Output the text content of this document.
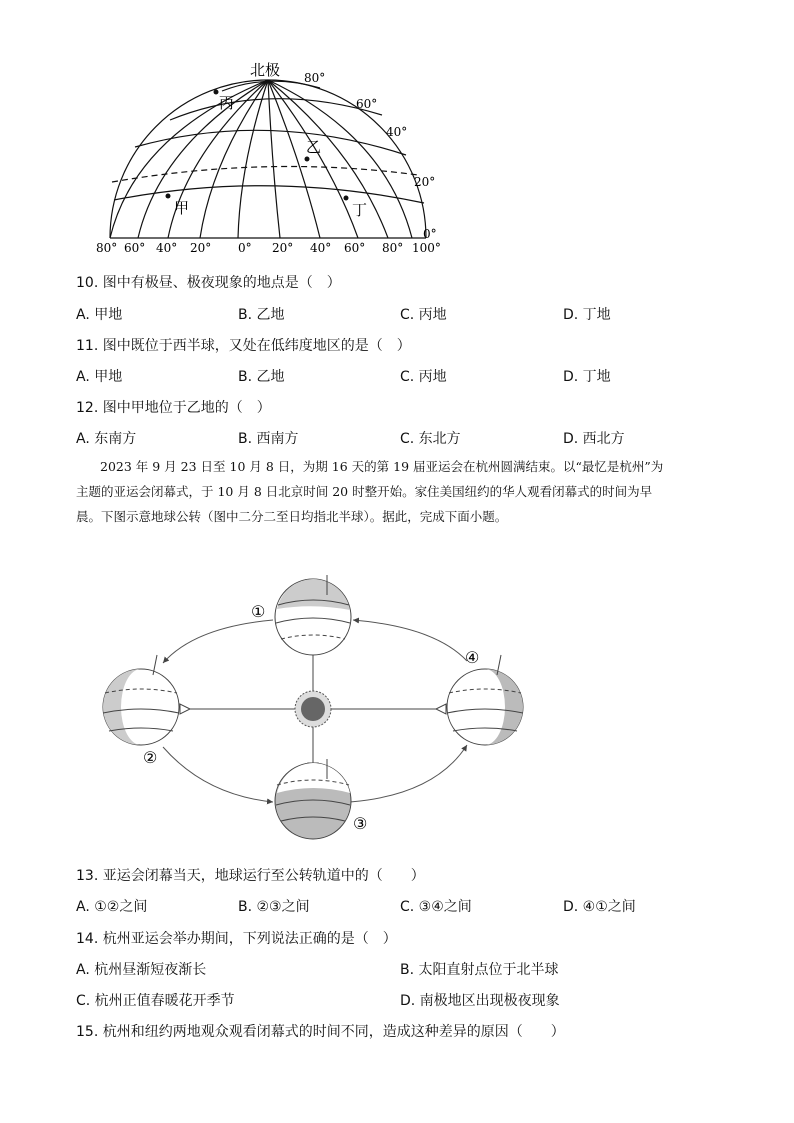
北极
丙
乙
甲	丁
80°
60°
40°
20°
0°
80° 60° 40° 20° 0° 20° 40° 60° 80° 100°
10. 图中有极昼、极夜现象的地点是（　）
A. 甲地	B. 乙地	C. 丙地	D. 丁地
11. 图中既位于西半球，又处在低纬度地区的是（　）
A. 甲地	B. 乙地	C. 丙地	D. 丁地
12. 图中甲地位于乙地的（　）
A. 东南方	B. 西南方	C. 东北方	D. 西北方

2023 年 9 月 23 日至 10 月 8 日，为期 16 天的第 19 届亚运会在杭州圆满结束。以“最忆是杭州”为

主题的亚运会闭幕式，于 10 月 8 日北京时间 20 时整开始。家住美国纽约的华人观看闭幕式的时间为早

晨。下图示意地球公转（图中二分二至日均指北半球）。据此，完成下面小题。

①
②
③
④
13. 亚运会闭幕当天，地球运行至公转轨道中的（　　）
A. ①②之间	B. ②③之间	C. ③④之间	D. ④①之间
14. 杭州亚运会举办期间，下列说法正确的是（　）
A. 杭州昼渐短夜渐长	B. 太阳直射点位于北半球
C. 杭州正值春暖花开季节	D. 南极地区出现极夜现象
15. 杭州和纽约两地观众观看闭幕式的时间不同，造成这种差异的原因（　　）
